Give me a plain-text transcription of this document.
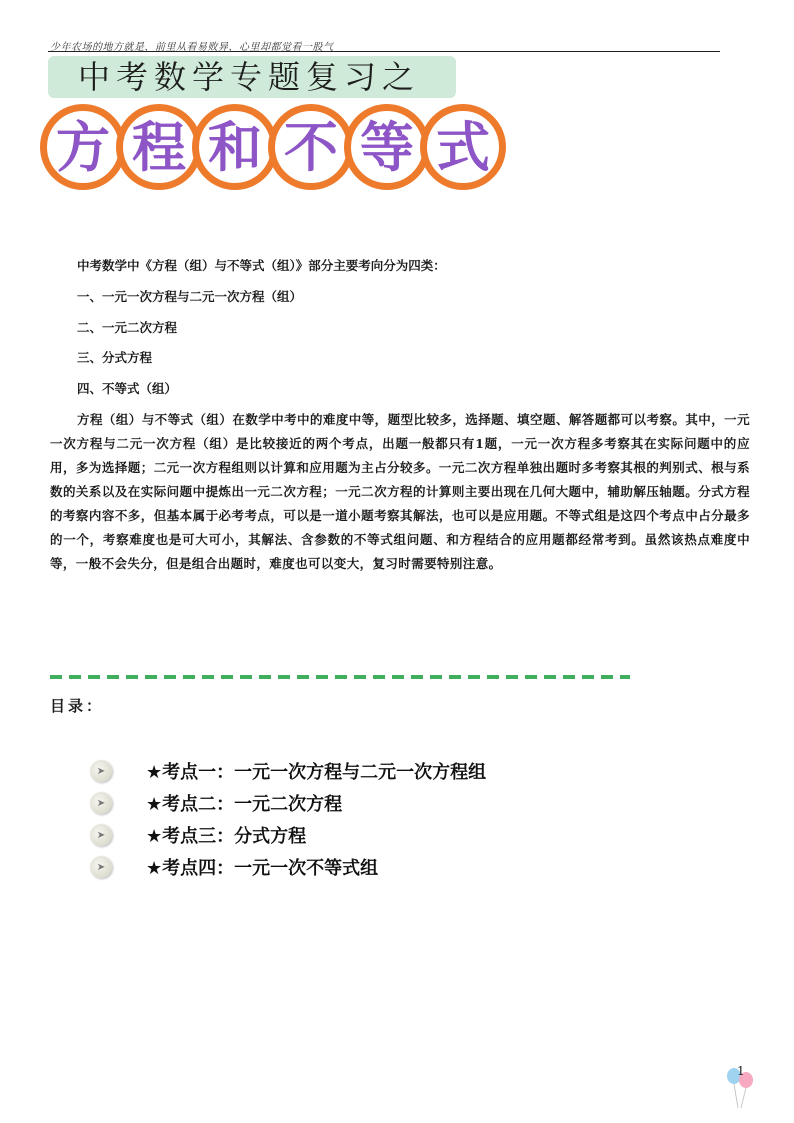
少年农场的地方就是，前里从看易败异，心里却都觉看一股气
中考数学专题复习之
方 程 和 不 等 式
中考数学中《方程（组）与不等式（组）》部分主要考向分为四类：
一、一元一次方程与二元一次方程（组）
二、一元二次方程
三、分式方程
四、不等式（组）
方程（组）与不等式（组）在数学中考中的难度中等，题型比较多，选择题、填空题、解答题都可以考察。其中，一元一次方程与二元一次方程（组）是比较接近的两个考点，出题一般都只有1题，一元一次方程多考察其在实际问题中的应用，多为选择题；二元一次方程组则以计算和应用题为主占分较多。一元二次方程单独出题时多考察其根的判别式、根与系数的关系以及在实际问题中提炼出一元二次方程；一元二次方程的计算则主要出现在几何大题中，辅助解压轴题。分式方程的考察内容不多，但基本属于必考考点，可以是一道小题考察其解法，也可以是应用题。不等式组是这四个考点中占分最多的一个，考察难度也是可大可小，其解法、含参数的不等式组问题、和方程结合的应用题都经常考到。虽然该热点难度中等，一般不会失分，但是组合出题时，难度也可以变大，复习时需要特别注意。
目录：
➤	★考点一：一元一次方程与二元一次方程组
➤	★考点二：一元二次方程
➤	★考点三：分式方程
➤	★考点四：一元一次不等式组
1
